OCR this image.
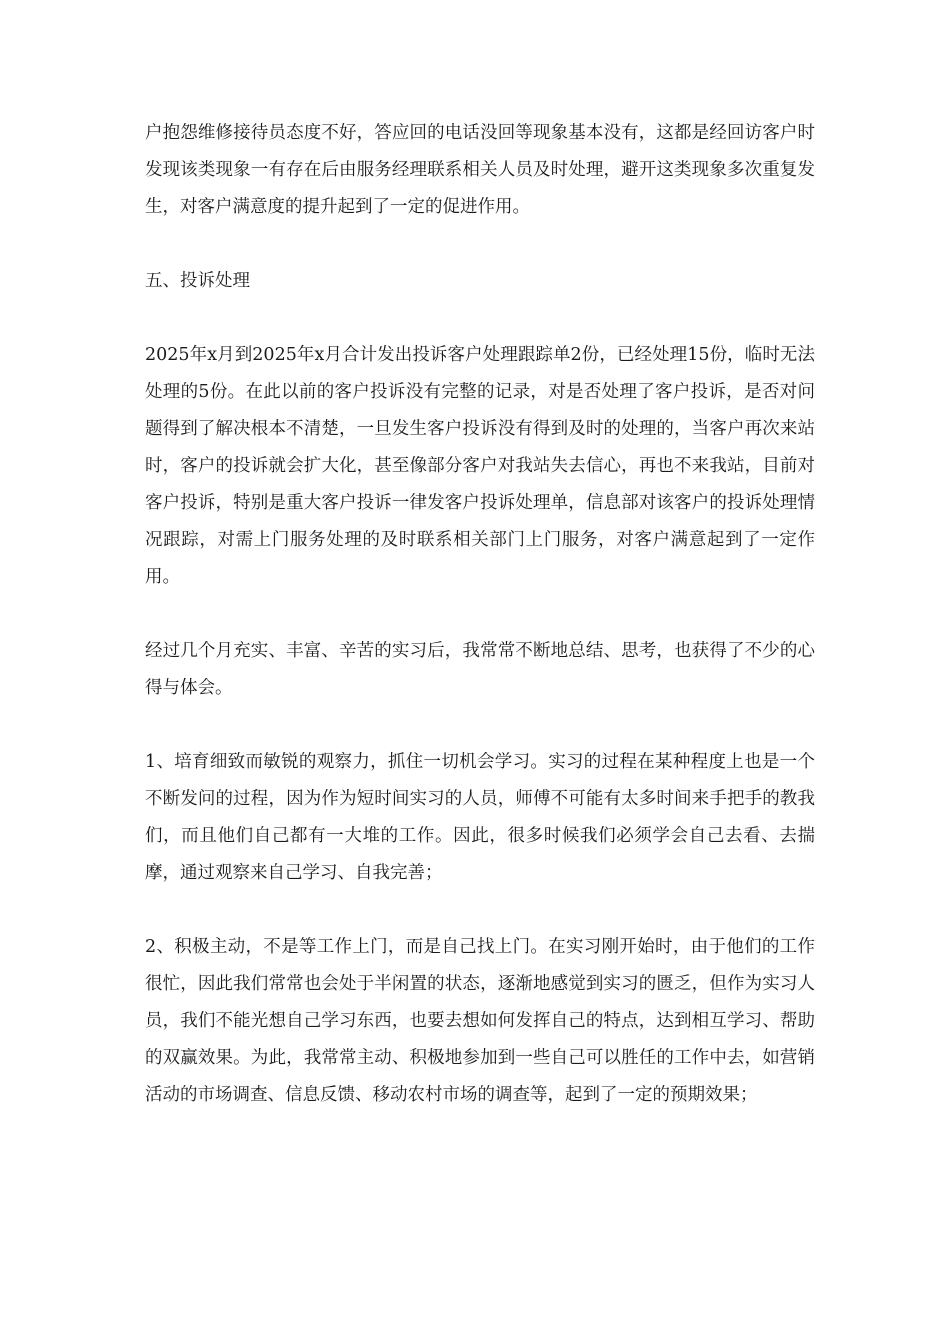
户抱怨维修接待员态度不好，答应回的电话没回等现象基本没有，这都是经回访客户时发现该类现象一有存在后由服务经理联系相关人员及时处理，避开这类现象多次重复发生，对客户满意度的提升起到了一定的促进作用。

五、投诉处理

2025年x月到2025年x月合计发出投诉客户处理跟踪单2份，已经处理15份，临时无法处理的5份。在此以前的客户投诉没有完整的记录，对是否处理了客户投诉，是否对问题得到了解决根本不清楚，一旦发生客户投诉没有得到及时的处理的，当客户再次来站时，客户的投诉就会扩大化，甚至像部分客户对我站失去信心，再也不来我站，目前对客户投诉，特别是重大客户投诉一律发客户投诉处理单，信息部对该客户的投诉处理情况跟踪，对需上门服务处理的及时联系相关部门上门服务，对客户满意起到了一定作用。

经过几个月充实、丰富、辛苦的实习后，我常常不断地总结、思考，也获得了不少的心得与体会。

1、培育细致而敏锐的观察力，抓住一切机会学习。实习的过程在某种程度上也是一个不断发问的过程，因为作为短时间实习的人员，师傅不可能有太多时间来手把手的教我们，而且他们自己都有一大堆的工作。因此，很多时候我们必须学会自己去看、去揣摩，通过观察来自己学习、自我完善；

2、积极主动，不是等工作上门，而是自己找上门。在实习刚开始时，由于他们的工作很忙，因此我们常常也会处于半闲置的状态，逐渐地感觉到实习的匮乏，但作为实习人员，我们不能光想自己学习东西，也要去想如何发挥自己的特点，达到相互学习、帮助的双赢效果。为此，我常常主动、积极地参加到一些自己可以胜任的工作中去，如营销活动的市场调查、信息反馈、移动农村市场的调查等，起到了一定的预期效果；
